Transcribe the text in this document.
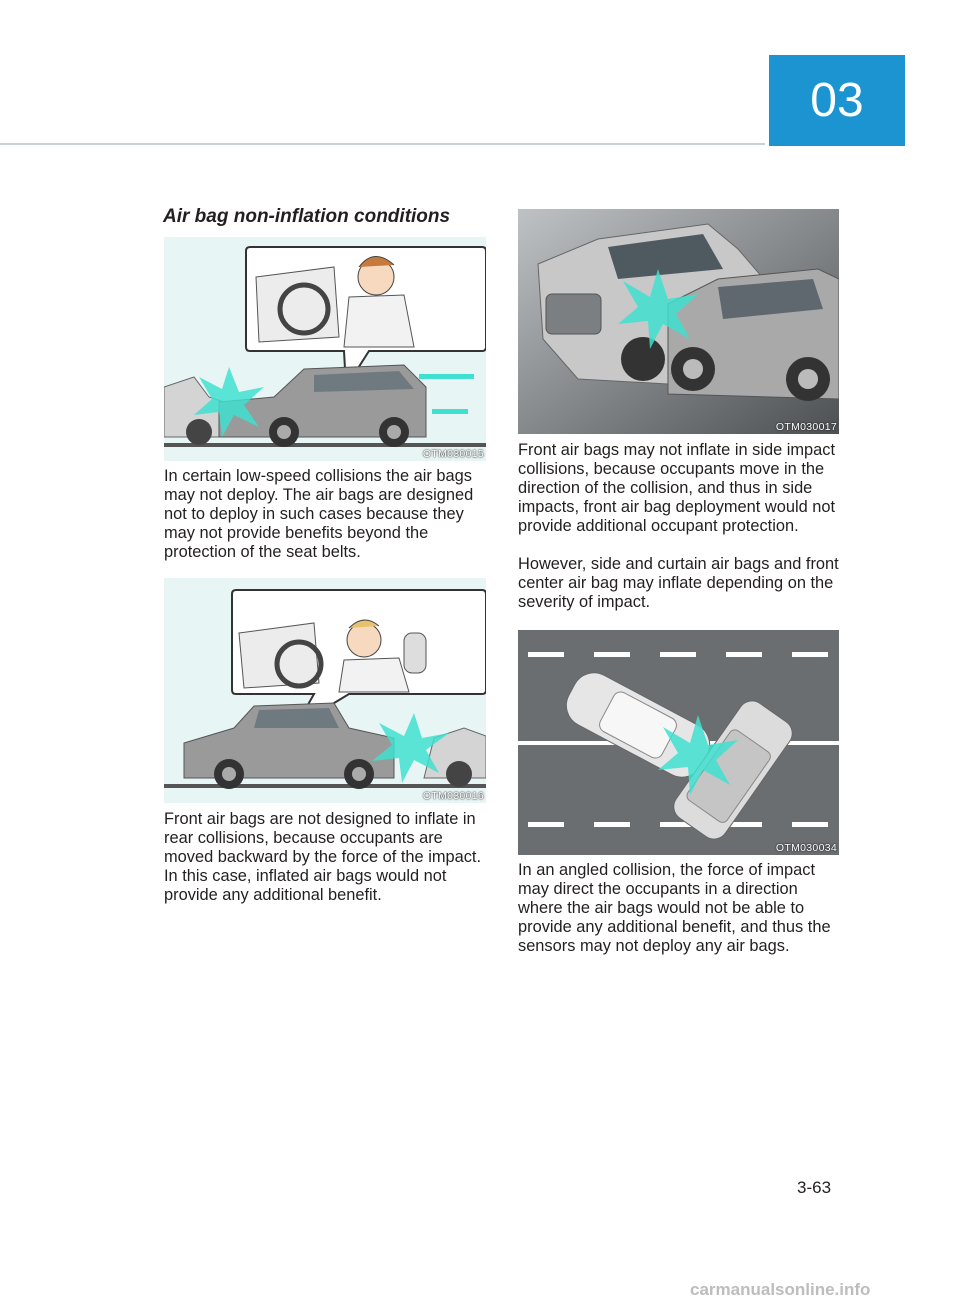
03
Air bag non-inflation conditions
OTM030015

In certain low-speed collisions the air bags may not deploy. The air bags are designed not to deploy in such cases because they may not provide benefits beyond the protection of the seat belts.

OTM030016

Front air bags are not designed to inflate in rear collisions, because occupants are moved backward by the force of the impact. In this case, inflated air bags would not provide any additional benefit.

OTM030017

Front air bags may not inflate in side impact collisions, because occupants move in the direction of the collision, and thus in side impacts, front air bag deployment would not provide additional occupant protection.

However, side and curtain air bags and front center air bag may inflate depending on the severity of impact.

OTM030034

In an angled collision, the force of impact may direct the occupants in a direction where the air bags would not be able to provide any additional benefit, and thus the sensors may not deploy any air bags.

3-63
carmanualsonline.info
